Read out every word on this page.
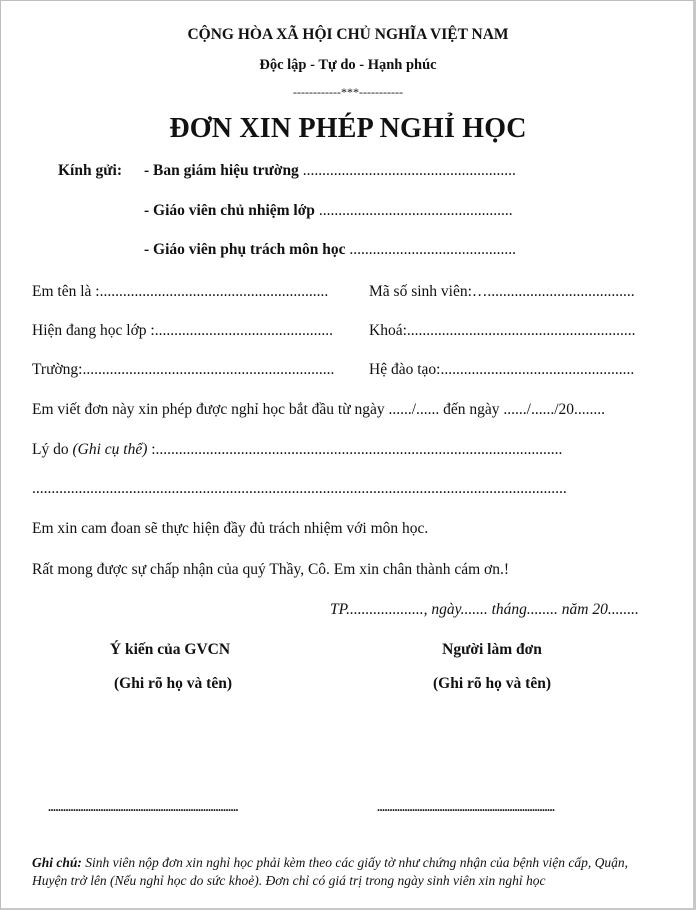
CỘNG HÒA XÃ HỘI CHỦ NGHĨA VIỆT NAM
Độc lập - Tự do - Hạnh phúc
------------***-----------
ĐƠN XIN PHÉP NGHỈ HỌC
Kính gửi: - Ban giám hiệu trường .......................................................
- Giáo viên chủ nhiệm lớp ..................................................
- Giáo viên phụ trách môn học ...........................................
Em tên là :...........................................................	Mã số sinh viên:…......................................
Hiện đang học lớp :.............................................. Khoá:...........................................................
Trường:................................................................. Hệ đào tạo:..................................................
Em viết đơn này xin phép được nghỉ học bắt đầu từ ngày ....../...... đến ngày ....../....../20........
Lý do (Ghi cụ thể) :.........................................................................................................
..........................................................................................................................................
Em xin cam đoan sẽ thực hiện đầy đủ trách nhiệm với môn học.
Rất mong được sự chấp nhận của quý Thầy, Cô. Em xin chân thành cám ơn.!
TP...................., ngày....... tháng........ năm 20........
Ý kiến của GVCN
(Ghi rõ họ và tên)
Người làm đơn
(Ghi rõ họ và tên)
............................................................................	.......................................................................
Ghi chú: Sinh viên nộp đơn xin nghỉ học phải kèm theo các giấy tờ như chứng nhận của bệnh viện cấp, Quận,
Huyện trở lên (Nếu nghỉ học do sức khoẻ). Đơn chỉ có giá trị trong ngày sinh viên xin nghỉ học
